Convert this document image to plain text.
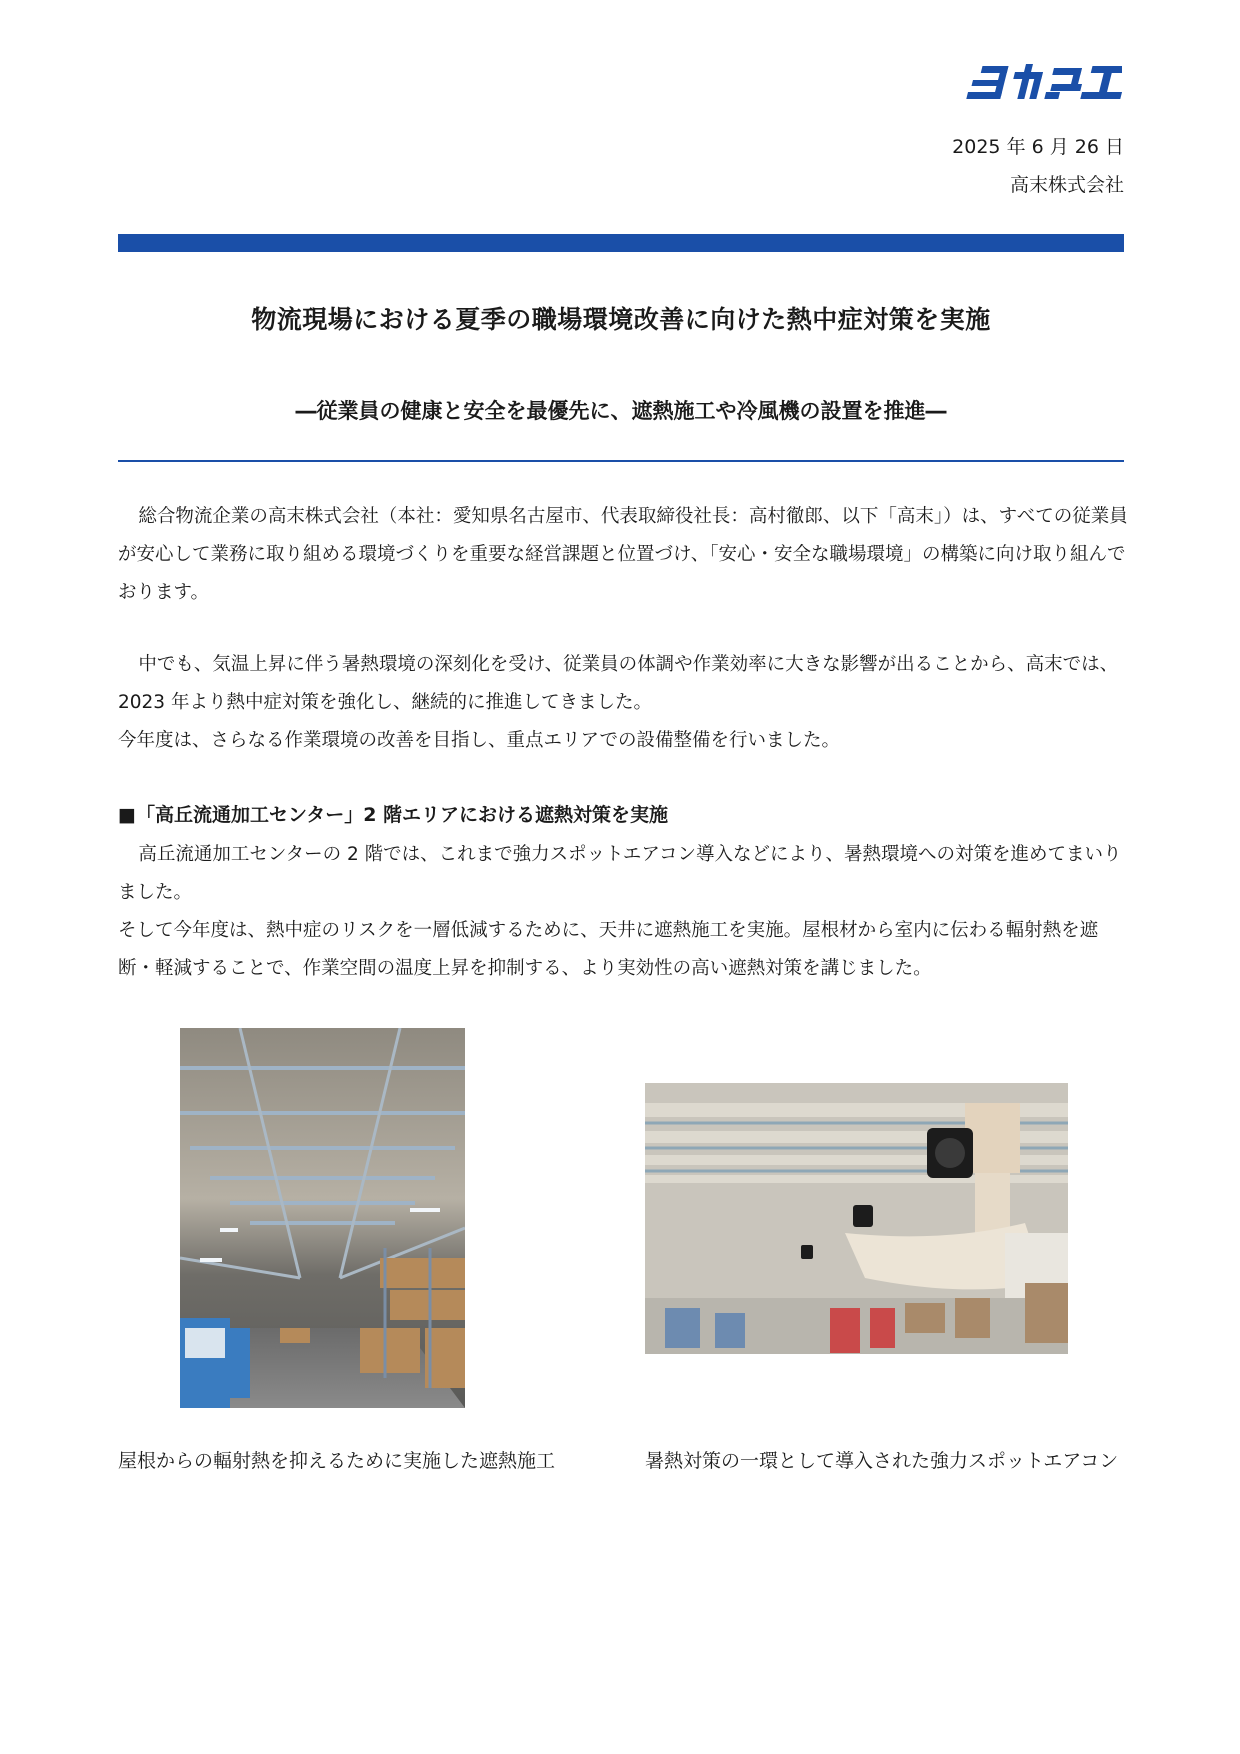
2025 年 6 月 26 日
高末株式会社
物流現場における夏季の職場環境改善に向けた熱中症対策を実施
―従業員の健康と安全を最優先に、遮熱施工や冷風機の設置を推進―

総合物流企業の高末株式会社（本社：愛知県名古屋市、代表取締役社長：高村徹郎、以下「高末」）は、すべての従業員が安心して業務に取り組める環境づくりを重要な経営課題と位置づけ、「安心・安全な職場環境」の構築に向け取り組んでおります。

中でも、気温上昇に伴う暑熱環境の深刻化を受け、従業員の体調や作業効率に大きな影響が出ることから、高末では、2023 年より熱中症対策を強化し、継続的に推進してきました。

今年度は、さらなる作業環境の改善を目指し、重点エリアでの設備整備を行いました。

■「高丘流通加工センター」2 階エリアにおける遮熱対策を実施

高丘流通加工センターの 2 階では、これまで強力スポットエアコン導入などにより、暑熱環境への対策を進めてまいりました。

そして今年度は、熱中症のリスクを一層低減するために、天井に遮熱施工を実施。屋根材から室内に伝わる輻射熱を遮断・軽減することで、作業空間の温度上昇を抑制する、より実効性の高い遮熱対策を講じました。

屋根からの輻射熱を抑えるために実施した遮熱施工	暑熱対策の一環として導入された強力スポットエアコン
